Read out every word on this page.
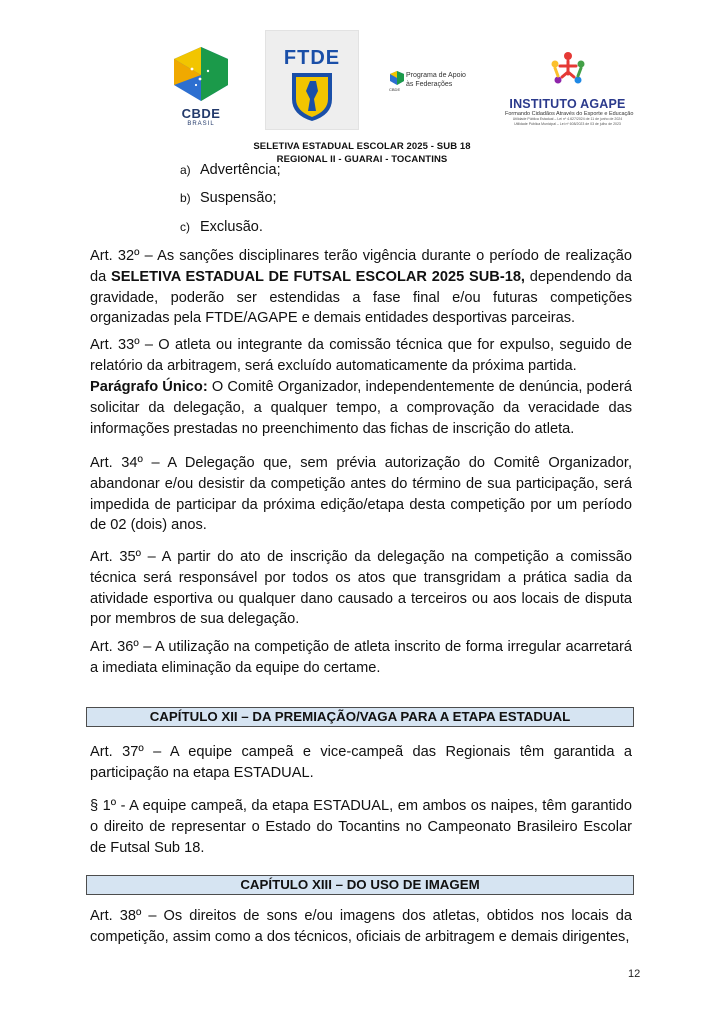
CBDE
BRASIL
FTDE
Programa de Apoio
às Federações
CBDE
INSTITUTO AGAPE
Formando Cidadãos Através do Esporte e Educação
Utilidade Pública Estadual – Lei nº 4.627/2024 de 11 de junho de 2024
Utilidade Pública Municipal – Lei nº 608/2023 de 03 de julho de 2023
SELETIVA ESTADUAL ESCOLAR 2025 - SUB 18
REGIONAL II - GUARAI - TOCANTINS
a) Advertência;
b) Suspensão;
c) Exclusão.
Art. 32º – As sanções disciplinares terão vigência durante o período de realização da SELETIVA ESTADUAL DE FUTSAL ESCOLAR 2025 SUB-18, dependendo da gravidade, poderão ser estendidas a fase final e/ou futuras competições organizadas pela FTDE/AGAPE e demais entidades desportivas parceiras.
Art. 33º – O atleta ou integrante da comissão técnica que for expulso, seguido de relatório da arbitragem, será excluído automaticamente da próxima partida.
Parágrafo Único: O Comitê Organizador, independentemente de denúncia, poderá solicitar da delegação, a qualquer tempo, a comprovação da veracidade das informações prestadas no preenchimento das fichas de inscrição do atleta.
Art. 34º – A Delegação que, sem prévia autorização do Comitê Organizador, abandonar e/ou desistir da competição antes do término de sua participação, será impedida de participar da próxima edição/etapa desta competição por um período de 02 (dois) anos.
Art. 35º – A partir do ato de inscrição da delegação na competição a comissão técnica será responsável por todos os atos que transgridam a prática sadia da atividade esportiva ou qualquer dano causado a terceiros ou aos locais de disputa por membros de sua delegação.
Art. 36º – A utilização na competição de atleta inscrito de forma irregular acarretará a imediata eliminação da equipe do certame.
CAPÍTULO XII – DA PREMIAÇÃO/VAGA PARA A ETAPA ESTADUAL
Art. 37º – A equipe campeã e vice-campeã das Regionais têm garantida a participação na etapa ESTADUAL.
§ 1º - A equipe campeã, da etapa ESTADUAL, em ambos os naipes, têm garantido o direito de representar o Estado do Tocantins no Campeonato Brasileiro Escolar de Futsal Sub 18.
CAPÍTULO XIII – DO USO DE IMAGEM
Art. 38º – Os direitos de sons e/ou imagens dos atletas, obtidos nos locais da competição, assim como a dos técnicos, oficiais de arbitragem e demais dirigentes,
12
